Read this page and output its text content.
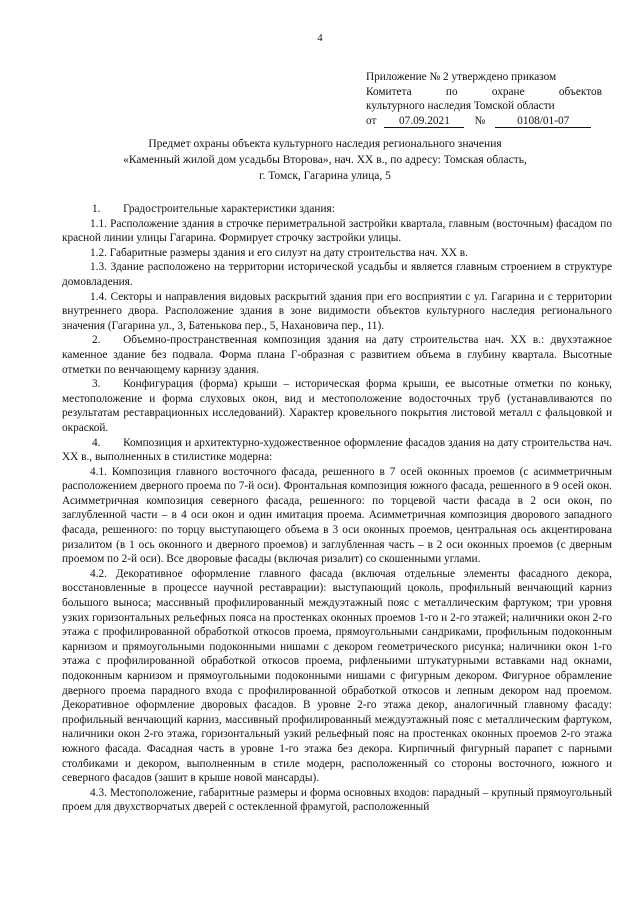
4
Приложение № 2 утверждено приказом
Комитета	по	охране	объектов
культурного наследия Томской области
от	07.09.2021	№	0108/01-07
Предмет охраны объекта культурного наследия регионального значения
«Каменный жилой дом усадьбы Второва», нач. XX в., по адресу: Томская область,
г. Томск, Гагарина улица, 5

1.  Градостроительные характеристики здания:

1.1. Расположение здания в строчке периметральной застройки квартала, главным (восточным) фасадом по красной линии улицы Гагарина. Формирует строчку застройки улицы.

1.2. Габаритные размеры здания и его силуэт на дату строительства нач. XX в.

1.3. Здание расположено на территории исторической усадьбы и является главным строением в структуре домовладения.

1.4. Секторы и направления видовых раскрытий здания при его восприятии с ул. Гагарина и с территории внутреннего двора. Расположение здания в зоне видимости объектов культурного наследия регионального значения (Гагарина ул., 3, Батенькова пер., 5, Нахановича пер., 11).

2.  Объемно-пространственная композиция здания на дату строительства нач. XX в.: двухэтажное каменное здание без подвала. Форма плана Г-образная с развитием объема в глубину квартала. Высотные отметки по венчающему карнизу здания.

3.  Конфигурация (форма) крыши – историческая форма крыши, ее высотные отметки по коньку, местоположение и форма слуховых окон, вид и местоположение водосточных труб (устанавливаются по результатам реставрационных исследований). Характер кровельного покрытия листовой металл с фальцовкой и окраской.

4.  Композиция и архитектурно-художественное оформление фасадов здания на дату строительства нач. XX в., выполненных в стилистике модерна:

4.1. Композиция главного восточного фасада, решенного в 7 осей оконных проемов (с асимметричным расположением дверного проема по 7-й оси). Фронтальная композиция южного фасада, решенного в 9 осей окон. Асимметричная композиция северного фасада, решенного: по торцевой части фасада в 2 оси окон, по заглубленной части – в 4 оси окон и один имитация проема. Асимметричная композиция дворового западного фасада, решенного: по торцу выступающего объема в 3 оси оконных проемов, центральная ось акцентирована ризалитом (в 1 ось оконного и дверного проемов) и заглубленная часть – в 2 оси оконных проемов (с дверным проемом по 2-й оси). Все дворовые фасады (включая ризалит) со скошенными углами.

4.2. Декоративное оформление главного фасада (включая отдельные элементы фасадного декора, восстановленные в процессе научной реставрации): выступающий цоколь, профильный венчающий карниз большого выноса; массивный профилированный междуэтажный пояс с металлическим фартуком; три уровня узких горизонтальных рельефных пояса на простенках оконных проемов 1-го и 2-го этажей; наличники окон 2-го этажа с профилированной обработкой откосов проема, прямоугольными сандриками, профильным подоконным карнизом и прямоугольными подоконными нишами с декором геометрического рисунка; наличники окон 1-го этажа с профилированной обработкой откосов проема, рифленыими штукатурными вставками над окнами, подоконным карнизом и прямоугольными подоконными нишами с фигурным декором. Фигурное обрамление дверного проема парадного входа с профилированной обработкой откосов и лепным декором над проемом. Декоративное оформление дворовых фасадов. В уровне 2-го этажа декор, аналогичный главному фасаду: профильный венчающий карниз, массивный профилированный междуэтажный пояс с металлическим фартуком, наличники окон 2-го этажа, горизонтальный узкий рельефный пояс на простенках оконных проемов 2-го этажа южного фасада. Фасадная часть в уровне 1-го этажа без декора. Кирпичный фигурный парапет с парными столбиками и декором, выполненным в стиле модерн, расположенный со стороны восточного, южного и северного фасадов (зашит в крыше новой мансарды).

4.3. Местоположение, габаритные размеры и форма основных входов: парадный – крупный прямоугольный проем для двухстворчатых дверей с остекленной фрамугой, расположенный
